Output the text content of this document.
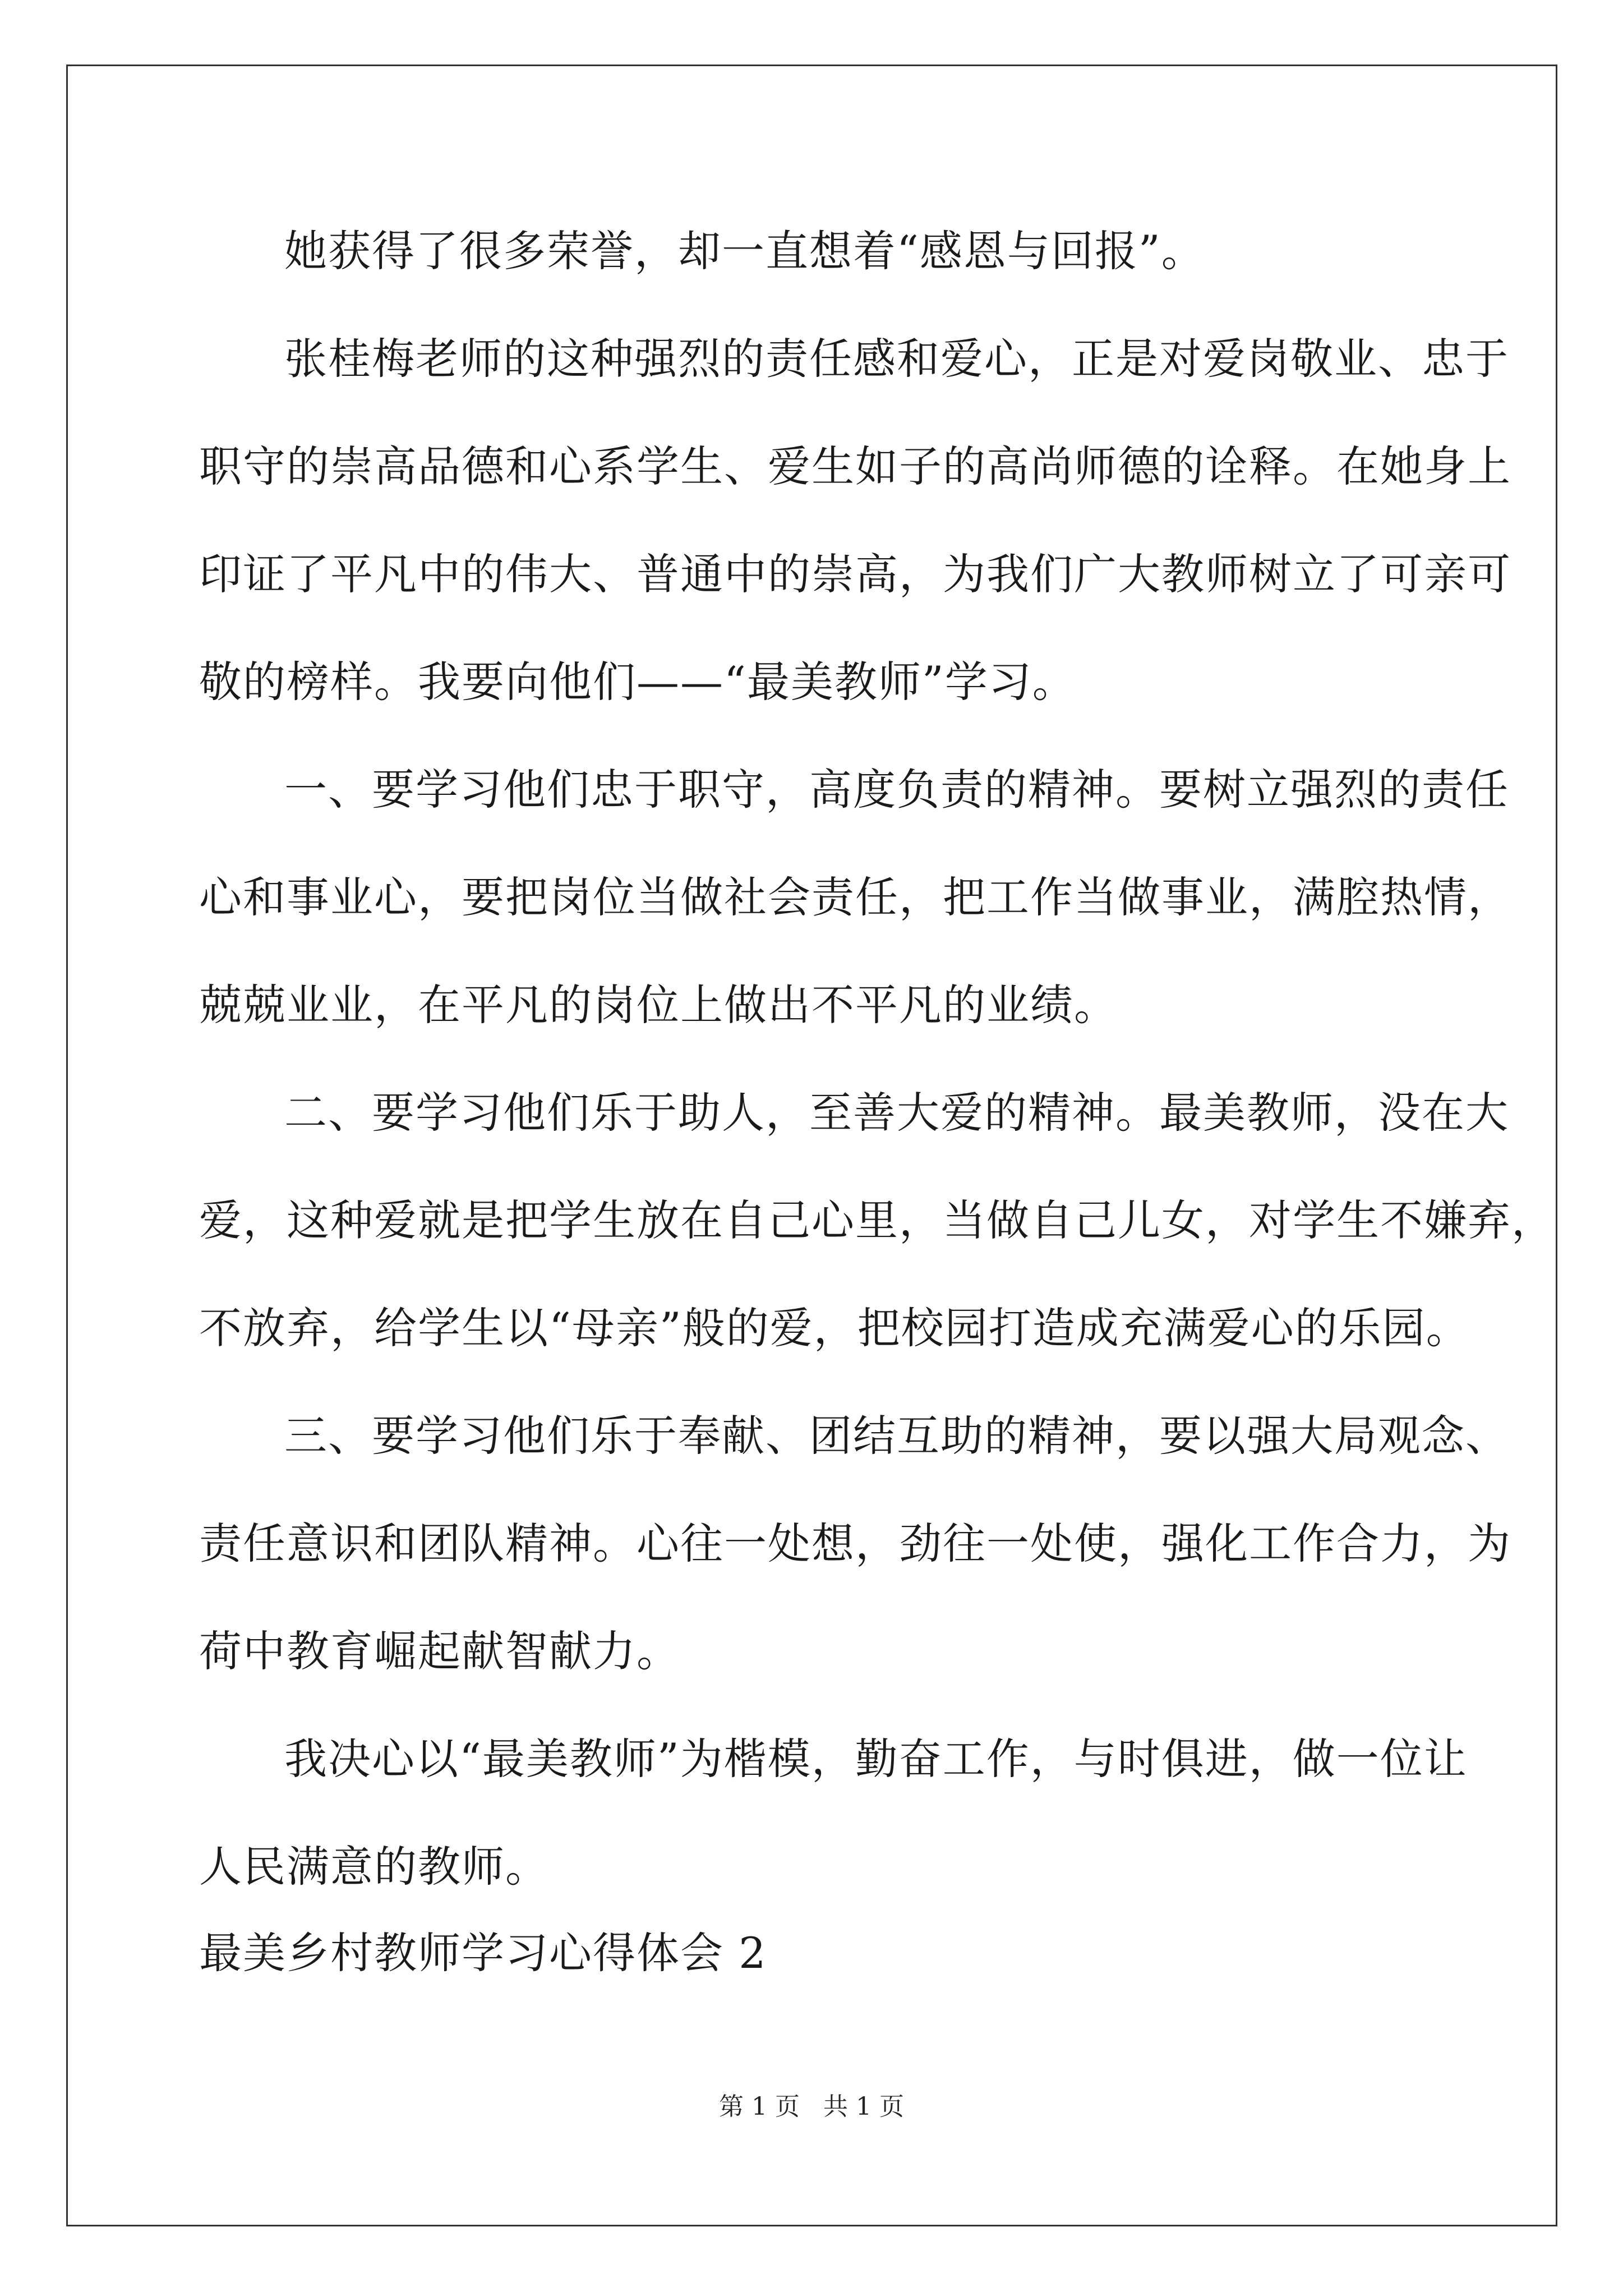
她获得了很多荣誉，却一直想着“感恩与回报”。
张桂梅老师的这种强烈的责任感和爱心，正是对爱岗敬业、忠于
职守的崇高品德和心系学生、爱生如子的高尚师德的诠释。在她身上
印证了平凡中的伟大、普通中的崇高，为我们广大教师树立了可亲可
敬的榜样。我要向他们——“最美教师”学习。
一、要学习他们忠于职守，高度负责的精神。要树立强烈的责任
心和事业心，要把岗位当做社会责任，把工作当做事业，满腔热情，
兢兢业业，在平凡的岗位上做出不平凡的业绩。
二、要学习他们乐于助人，至善大爱的精神。最美教师，没在大
爱，这种爱就是把学生放在自己心里，当做自己儿女，对学生不嫌弃，
不放弃，给学生以“母亲”般的爱，把校园打造成充满爱心的乐园。
三、要学习他们乐于奉献、团结互助的精神，要以强大局观念、
责任意识和团队精神。心往一处想，劲往一处使，强化工作合力，为
荷中教育崛起献智献力。
我决心以“最美教师”为楷模，勤奋工作，与时俱进，做一位让
人民满意的教师。
最美乡村教师学习心得体会 2
第 1 页   共 1 页
